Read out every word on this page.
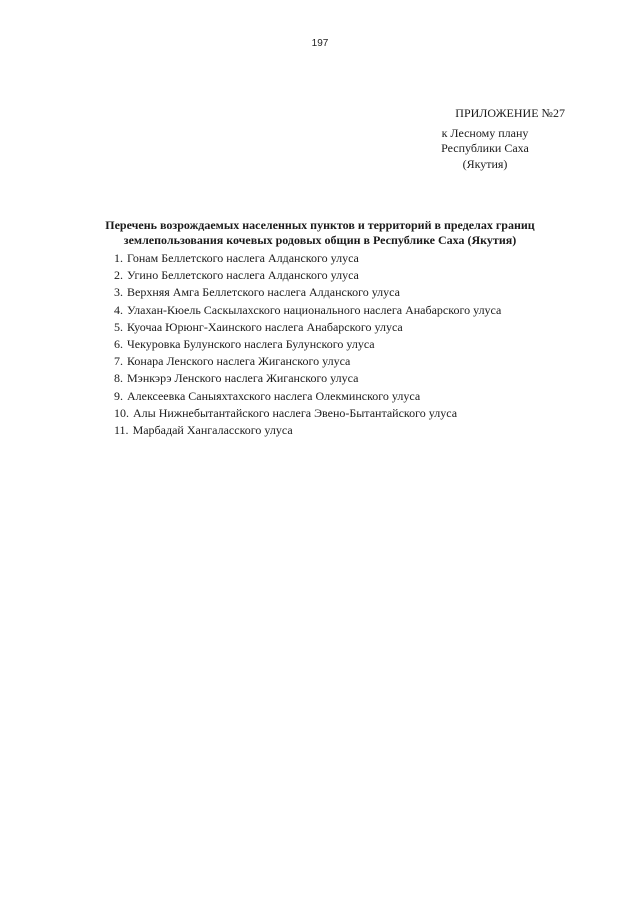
197
ПРИЛОЖЕНИЕ №27
к Лесному плану
Республики Саха
(Якутия)
Перечень возрождаемых населенных пунктов и территорий в пределах границ
землепользования кочевых родовых общин в Республике Саха (Якутия)
1. Гонам Беллетского наслега Алданского улуса
2. Угино Беллетского наслега Алданского улуса
3. Верхняя Амга Беллетского наслега Алданского улуса
4. Улахан-Кюель Саскылахского национального наслега Анабарского улуса
5. Куочаа Юрюнг-Хаинского наслега Анабарского улуса
6. Чекуровка Булунского наслега Булунского улуса
7. Конара Ленского наслега Жиганского улуса
8. Мэнкэрэ Ленского наслега Жиганского улуса
9. Алексеевка Саныяхтахского наслега Олекминского улуса
10. Алы Нижнебытантайского наслега Эвено-Бытантайского улуса
11. Марбадай Хангаласского улуса
